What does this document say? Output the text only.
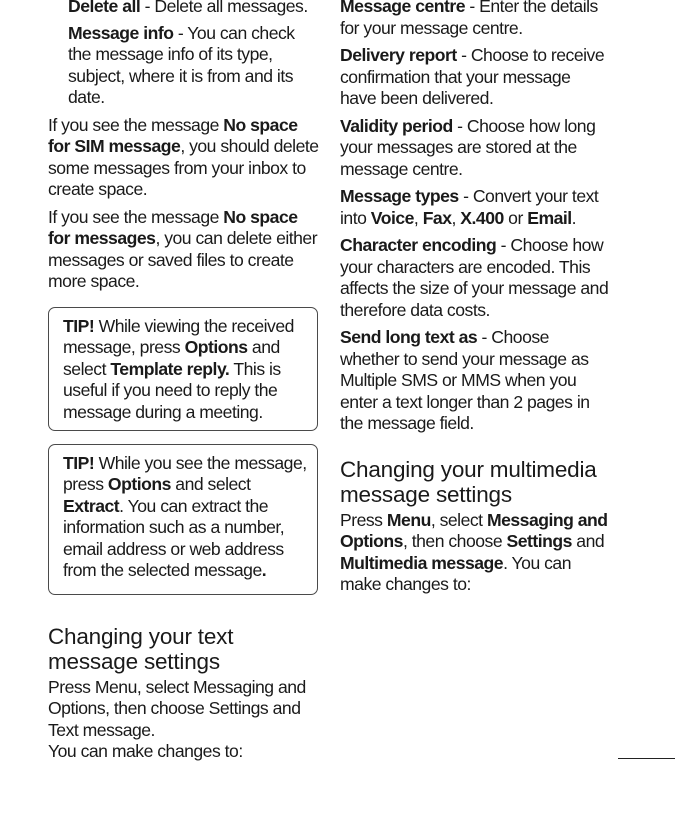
Delete all - Delete all messages.

Message info - You can check the message info of its type, subject, where it is from and its date.

If you see the message No space for SIM message, you should delete some messages from your inbox to create space.

If you see the message No space for messages, you can delete either messages or saved files to create more space.

TIP! While viewing the received message, press Options and select Template reply. This is useful if you need to reply the message during a meeting.

TIP! While you see the message, press Options and select Extract. You can extract the information such as a number, email address or web address from the selected message.

Changing your text message settings

Press Menu, select Messaging and Options, then choose Settings and Text message.

You can make changes to:

Message centre - Enter the details for your message centre.

Delivery report - Choose to receive confirmation that your message have been delivered.

Validity period - Choose how long your messages are stored at the message centre.

Message types - Convert your text into Voice, Fax, X.400 or Email.

Character encoding - Choose how your characters are encoded. This affects the size of your message and therefore data costs.

Send long text as - Choose whether to send your message as Multiple SMS or MMS when you enter a text longer than 2 pages in the message field.

Changing your multimedia message settings

Press Menu, select Messaging and Options, then choose Settings and Multimedia message. You can make changes to:
